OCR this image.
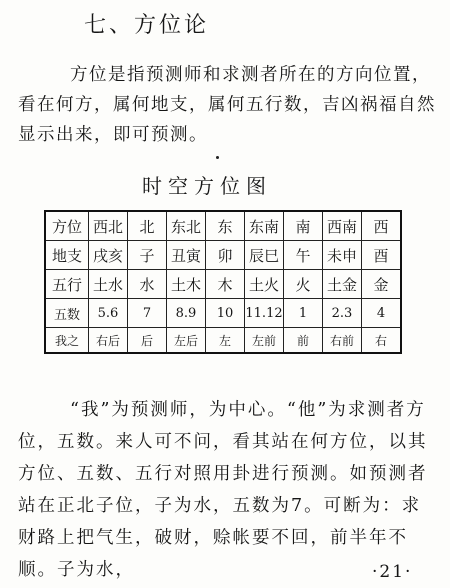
七、方位论

方位是指预测师和求测者所在的方向位置，看在何方，属何地支，属何五行数，吉凶祸福自然显示出来，即可预测。

时空方位图
方位	西北	北	东北	东	东南	南	西南	西
地支	戌亥	子	丑寅	卯	辰巳	午	未申	酉
五行	土水	水	土木	木	土火	火	土金	金
五数	5.6	7	8.9	10	11.12	1	2.3	4
我之	右后	后	左后	左	左前	前	右前	右

“我”为预测师，为中心。“他”为求测者方位，五数。来人可不问，看其站在何方位，以其方位、五数、五行对照用卦进行预测。如预测者站在正北子位，子为水，五数为7。可断为：求财路上把气生，破财，赊帐要不回，前半年不顺。子为水，	·21·
